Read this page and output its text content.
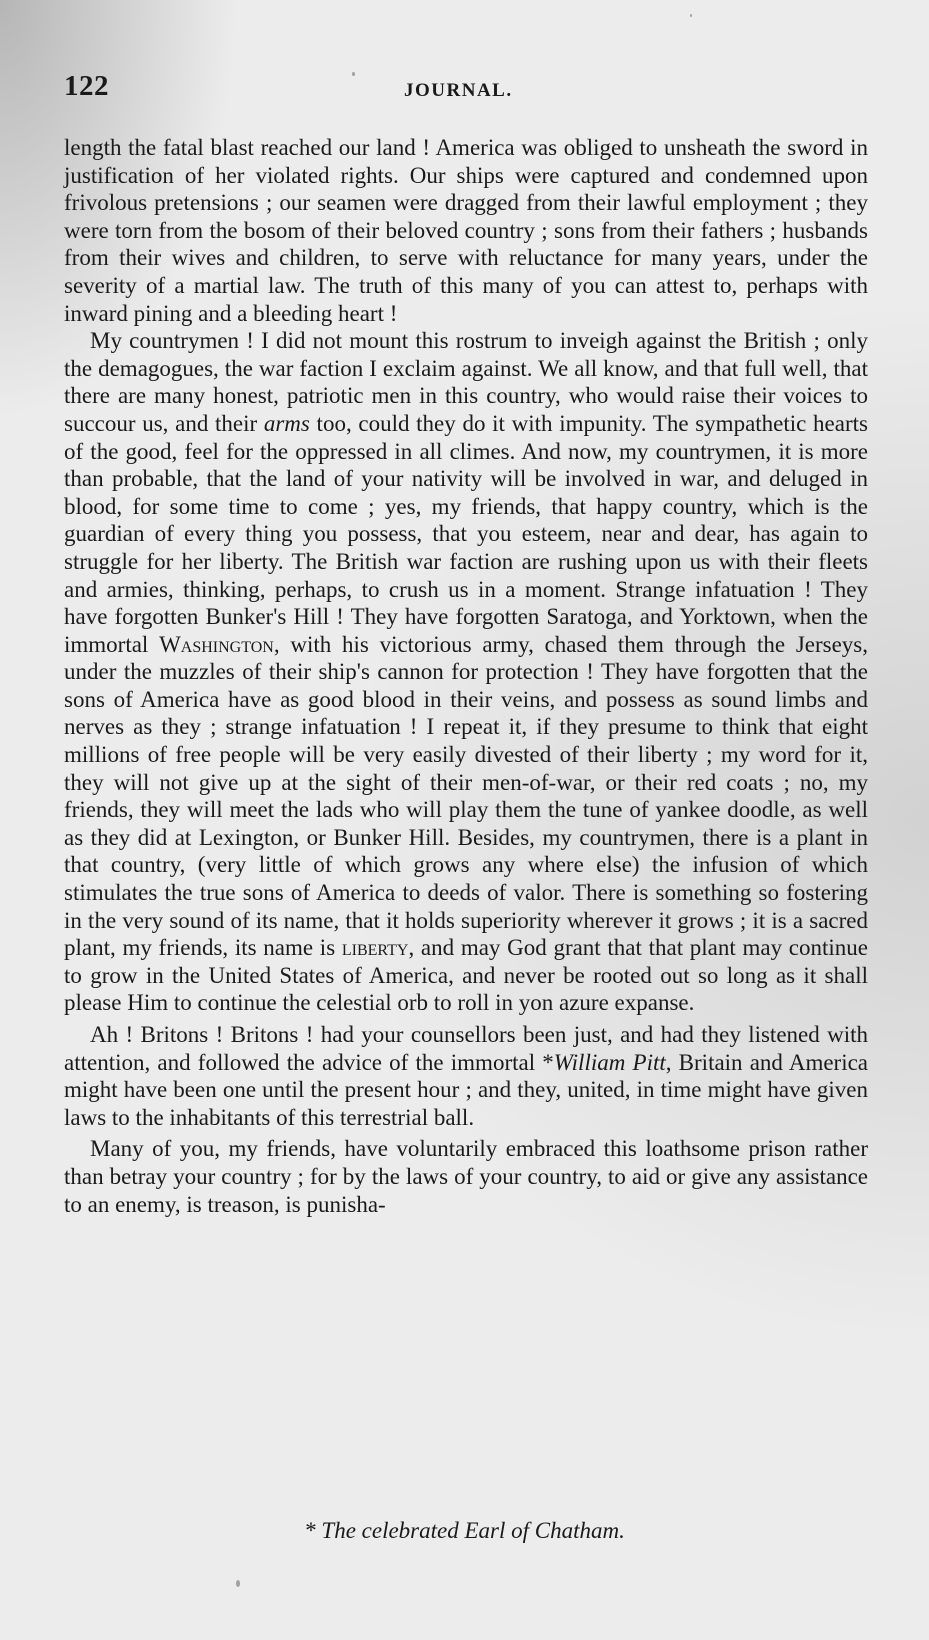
122	JOURNAL.

length the fatal blast reached our land ! America was obliged to unsheath the sword in justification of her violated rights. Our ships were captured and condemned upon frivolous pretensions ; our seamen were dragged from their lawful employment ; they were torn from the bosom of their beloved country ; sons from their fathers ; husbands from their wives and children, to serve with reluctance for many years, under the severity of a martial law. The truth of this many of you can attest to, perhaps with inward pining and a bleeding heart !

My countrymen ! I did not mount this rostrum to inveigh against the British ; only the demagogues, the war faction I exclaim against. We all know, and that full well, that there are many honest, patriotic men in this country, who would raise their voices to succour us, and their arms too, could they do it with impunity. The sympathetic hearts of the good, feel for the oppressed in all climes. And now, my countrymen, it is more than probable, that the land of your nativity will be involved in war, and deluged in blood, for some time to come ; yes, my friends, that happy country, which is the guardian of every thing you possess, that you esteem, near and dear, has again to struggle for her liberty. The British war faction are rushing upon us with their fleets and armies, thinking, perhaps, to crush us in a moment. Strange infatuation ! They have forgotten Bunker's Hill ! They have forgotten Saratoga, and Yorktown, when the immortal Washington, with his victorious army, chased them through the Jerseys, under the muzzles of their ship's cannon for protection ! They have forgotten that the sons of America have as good blood in their veins, and possess as sound limbs and nerves as they ; strange infatuation ! I repeat it, if they presume to think that eight millions of free people will be very easily divested of their liberty ; my word for it, they will not give up at the sight of their men-of-war, or their red coats ; no, my friends, they will meet the lads who will play them the tune of yankee doodle, as well as they did at Lexington, or Bunker Hill. Besides, my countrymen, there is a plant in that country, (very little of which grows any where else) the infusion of which stimulates the true sons of America to deeds of valor. There is something so fostering in the very sound of its name, that it holds superiority wherever it grows ; it is a sacred plant, my friends, its name is liberty, and may God grant that that plant may continue to grow in the United States of America, and never be rooted out so long as it shall please Him to continue the celestial orb to roll in yon azure expanse.

Ah ! Britons ! Britons ! had your counsellors been just, and had they listened with attention, and followed the advice of the immortal *William Pitt, Britain and America might have been one until the present hour ; and they, united, in time might have given laws to the inhabitants of this terrestrial ball.

Many of you, my friends, have voluntarily embraced this loathsome prison rather than betray your country ; for by the laws of your country, to aid or give any assistance to an enemy, is treason, is punisha-

* The celebrated Earl of Chatham.
